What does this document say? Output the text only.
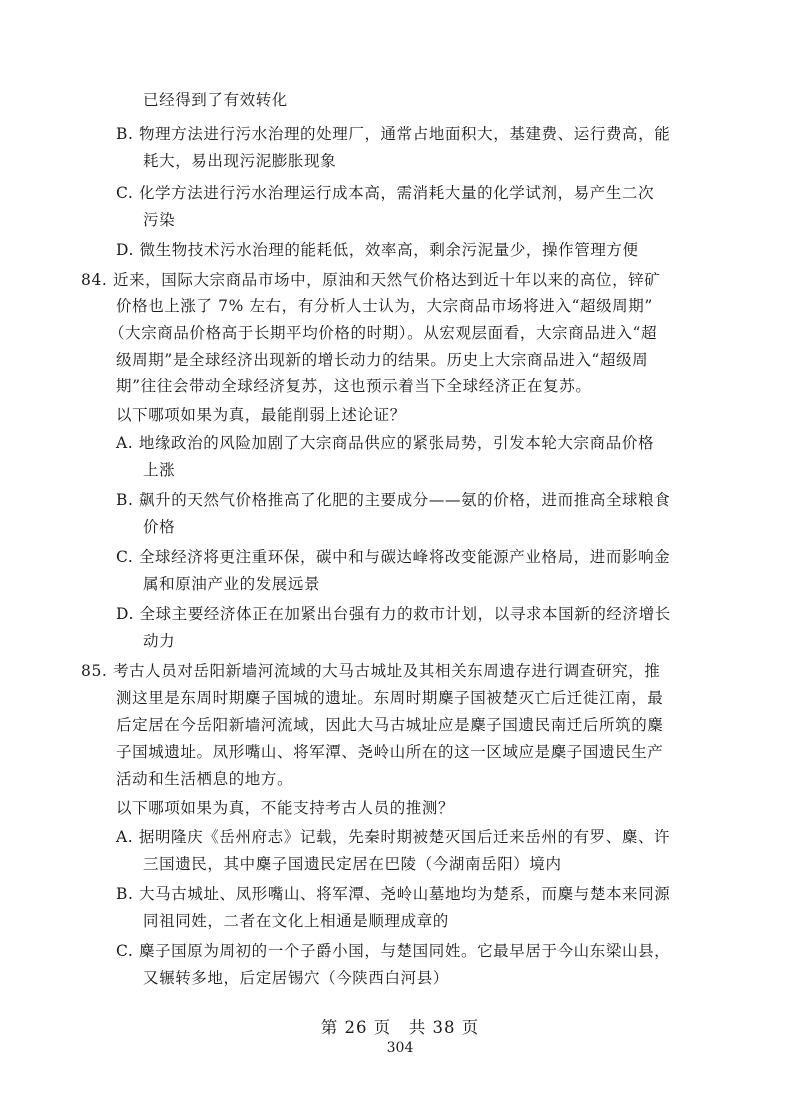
已经得到了有效转化
B. 物理方法进行污水治理的处理厂，通常占地面积大，基建费、运行费高，能
耗大，易出现污泥膨胀现象
C. 化学方法进行污水治理运行成本高，需消耗大量的化学试剂，易产生二次
污染
D. 微生物技术污水治理的能耗低，效率高，剩余污泥量少，操作管理方便
84. 近来，国际大宗商品市场中，原油和天然气价格达到近十年以来的高位，锌矿
价格也上涨了 7% 左右，有分析人士认为，大宗商品市场将进入“超级周期”
（大宗商品价格高于长期平均价格的时期）。从宏观层面看，大宗商品进入“超
级周期”是全球经济出现新的增长动力的结果。历史上大宗商品进入“超级周
期”往往会带动全球经济复苏，这也预示着当下全球经济正在复苏。
以下哪项如果为真，最能削弱上述论证？
A. 地缘政治的风险加剧了大宗商品供应的紧张局势，引发本轮大宗商品价格
上涨
B. 飙升的天然气价格推高了化肥的主要成分——氨的价格，进而推高全球粮食
价格
C. 全球经济将更注重环保，碳中和与碳达峰将改变能源产业格局，进而影响金
属和原油产业的发展远景
D. 全球主要经济体正在加紧出台强有力的救市计划，以寻求本国新的经济增长
动力
85. 考古人员对岳阳新墙河流域的大马古城址及其相关东周遗存进行调查研究，推
测这里是东周时期麇子国城的遗址。东周时期麇子国被楚灭亡后迁徙江南，最
后定居在今岳阳新墙河流域，因此大马古城址应是麇子国遗民南迁后所筑的麇
子国城遗址。凤形嘴山、将军潭、尧岭山所在的这一区域应是麇子国遗民生产
活动和生活栖息的地方。
以下哪项如果为真，不能支持考古人员的推测？
A. 据明隆庆《岳州府志》记载，先秦时期被楚灭国后迁来岳州的有罗、麇、许
三国遗民，其中麇子国遗民定居在巴陵（今湖南岳阳）境内
B. 大马古城址、凤形嘴山、将军潭、尧岭山墓地均为楚系，而麇与楚本来同源
同祖同姓，二者在文化上相通是顺理成章的
C. 麇子国原为周初的一个子爵小国，与楚国同姓。它最早居于今山东梁山县，
又辗转多地，后定居锡穴（今陕西白河县）
第 26 页　共 38 页
304
